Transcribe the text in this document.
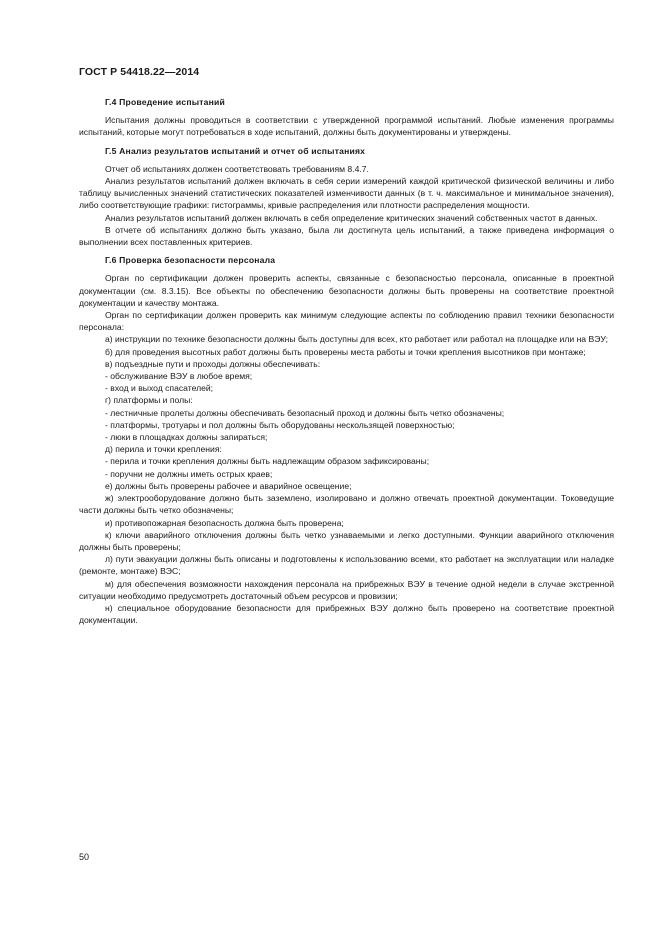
ГОСТ Р 54418.22—2014

Г.4 Проведение испытаний

Испытания должны проводиться в соответствии с утвержденной программой испытаний. Любые изменения программы испытаний, которые могут потребоваться в ходе испытаний, должны быть документированы и утверждены.

Г.5 Анализ результатов испытаний и отчет об испытаниях

Отчет об испытаниях должен соответствовать требованиям 8.4.7.

Анализ результатов испытаний должен включать в себя серии измерений каждой критической физической величины и либо таблицу вычисленных значений статистических показателей изменчивости данных (в т. ч. максимальное и минимальное значения), либо соответствующие графики: гистограммы, кривые распределения или плотности распределения мощности.

Анализ результатов испытаний должен включать в себя определение критических значений собственных частот в данных.

В отчете об испытаниях должно быть указано, была ли достигнута цель испытаний, а также приведена информация о выполнении всех поставленных критериев.

Г.6 Проверка безопасности персонала

Орган по сертификации должен проверить аспекты, связанные с безопасностью персонала, описанные в проектной документации (см. 8.3.15). Все объекты по обеспечению безопасности должны быть проверены на соответствие проектной документации и качеству монтажа.

Орган по сертификации должен проверить как минимум следующие аспекты по соблюдению правил техники безопасности персонала:

а) инструкции по технике безопасности должны быть доступны для всех, кто работает или работал на площадке или на ВЭУ;

б) для проведения высотных работ должны быть проверены места работы и точки крепления высотников при монтаже;

в) подъездные пути и проходы должны обеспечивать:

- обслуживание ВЭУ в любое время;

- вход и выход спасателей;

г) платформы и полы:

- лестничные пролеты должны обеспечивать безопасный проход и должны быть четко обозначены;

- платформы, тротуары и пол должны быть оборудованы нескользящей поверхностью;

- люки в площадках должны запираться;

д) перила и точки крепления:

- перила и точки крепления должны быть надлежащим образом зафиксированы;

- поручни не должны иметь острых краев;

е) должны быть проверены рабочее и аварийное освещение;

ж) электрооборудование должно быть заземлено, изолировано и должно отвечать проектной документации. Токоведущие части должны быть четко обозначены;

и) противопожарная безопасность должна быть проверена;

к) ключи аварийного отключения должны быть четко узнаваемыми и легко доступными. Функции аварийного отключения должны быть проверены;

л) пути эвакуации должны быть описаны и подготовлены к использованию всеми, кто работает на эксплуатации или наладке (ремонте, монтаже) ВЭС;

м) для обеспечения возможности нахождения персонала на прибрежных ВЭУ в течение одной недели в случае экстренной ситуации необходимо предусмотреть достаточный объем ресурсов и провизии;

н) специальное оборудование безопасности для прибрежных ВЭУ должно быть проверено на соответствие проектной документации.

50
